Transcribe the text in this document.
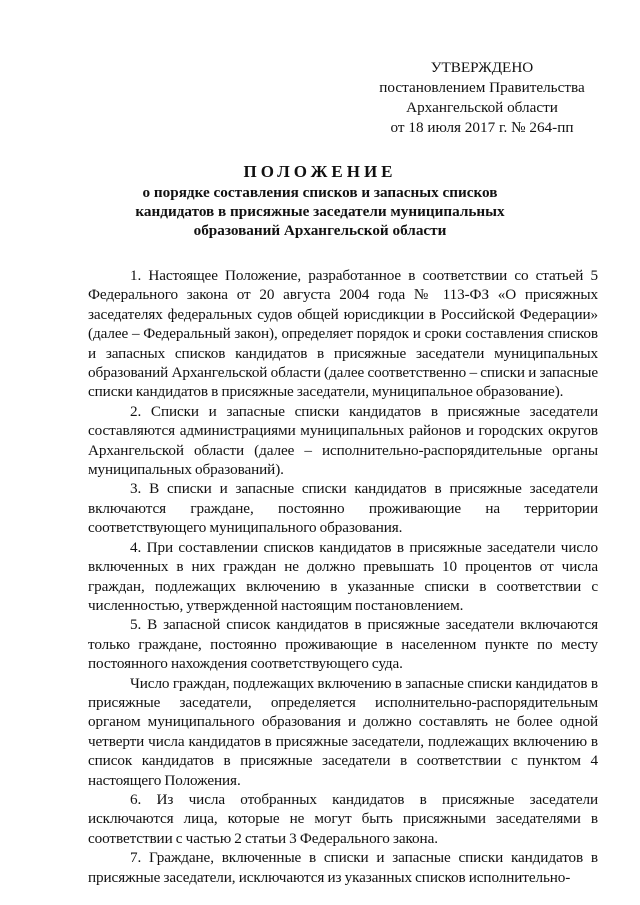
УТВЕРЖДЕНО
постановлением Правительства
Архангельской области
от 18 июля 2017 г. № 264-пп
ПОЛОЖЕНИЕ
о порядке составления списков и запасных списков
кандидатов в присяжные заседатели муниципальных
образований Архангельской области

1. Настоящее Положение, разработанное в соответствии со статьей 5 Федерального закона от 20 августа 2004 года № 113-ФЗ «О присяжных заседателях федеральных судов общей юрисдикции в Российской Федерации» (далее – Федеральный закон), определяет порядок и сроки составления списков и запасных списков кандидатов в присяжные заседатели муниципальных образований Архангельской области (далее соответственно – списки и запасные списки кандидатов в присяжные заседатели, муниципальное образование).

2. Списки и запасные списки кандидатов в присяжные заседатели составляются администрациями муниципальных районов и городских округов Архангельской области (далее – исполнительно-распорядительные органы муниципальных образований).

3. В списки и запасные списки кандидатов в присяжные заседатели включаются граждане, постоянно проживающие на территории соответствующего муниципального образования.

4. При составлении списков кандидатов в присяжные заседатели число включенных в них граждан не должно превышать 10 процентов от числа граждан, подлежащих включению в указанные списки в соответствии с численностью, утвержденной настоящим постановлением.

5. В запасной список кандидатов в присяжные заседатели включаются только граждане, постоянно проживающие в населенном пункте по месту постоянного нахождения соответствующего суда.

Число граждан, подлежащих включению в запасные списки кандидатов в присяжные заседатели, определяется исполнительно-распорядительным органом муниципального образования и должно составлять не более одной четверти числа кандидатов в присяжные заседатели, подлежащих включению в список кандидатов в присяжные заседатели в соответствии с пунктом 4 настоящего Положения.

6. Из числа отобранных кандидатов в присяжные заседатели исключаются лица, которые не могут быть присяжными заседателями в соответствии с частью 2 статьи 3 Федерального закона.

7. Граждане, включенные в списки и запасные списки кандидатов в присяжные заседатели, исключаются из указанных списков исполнительно-
